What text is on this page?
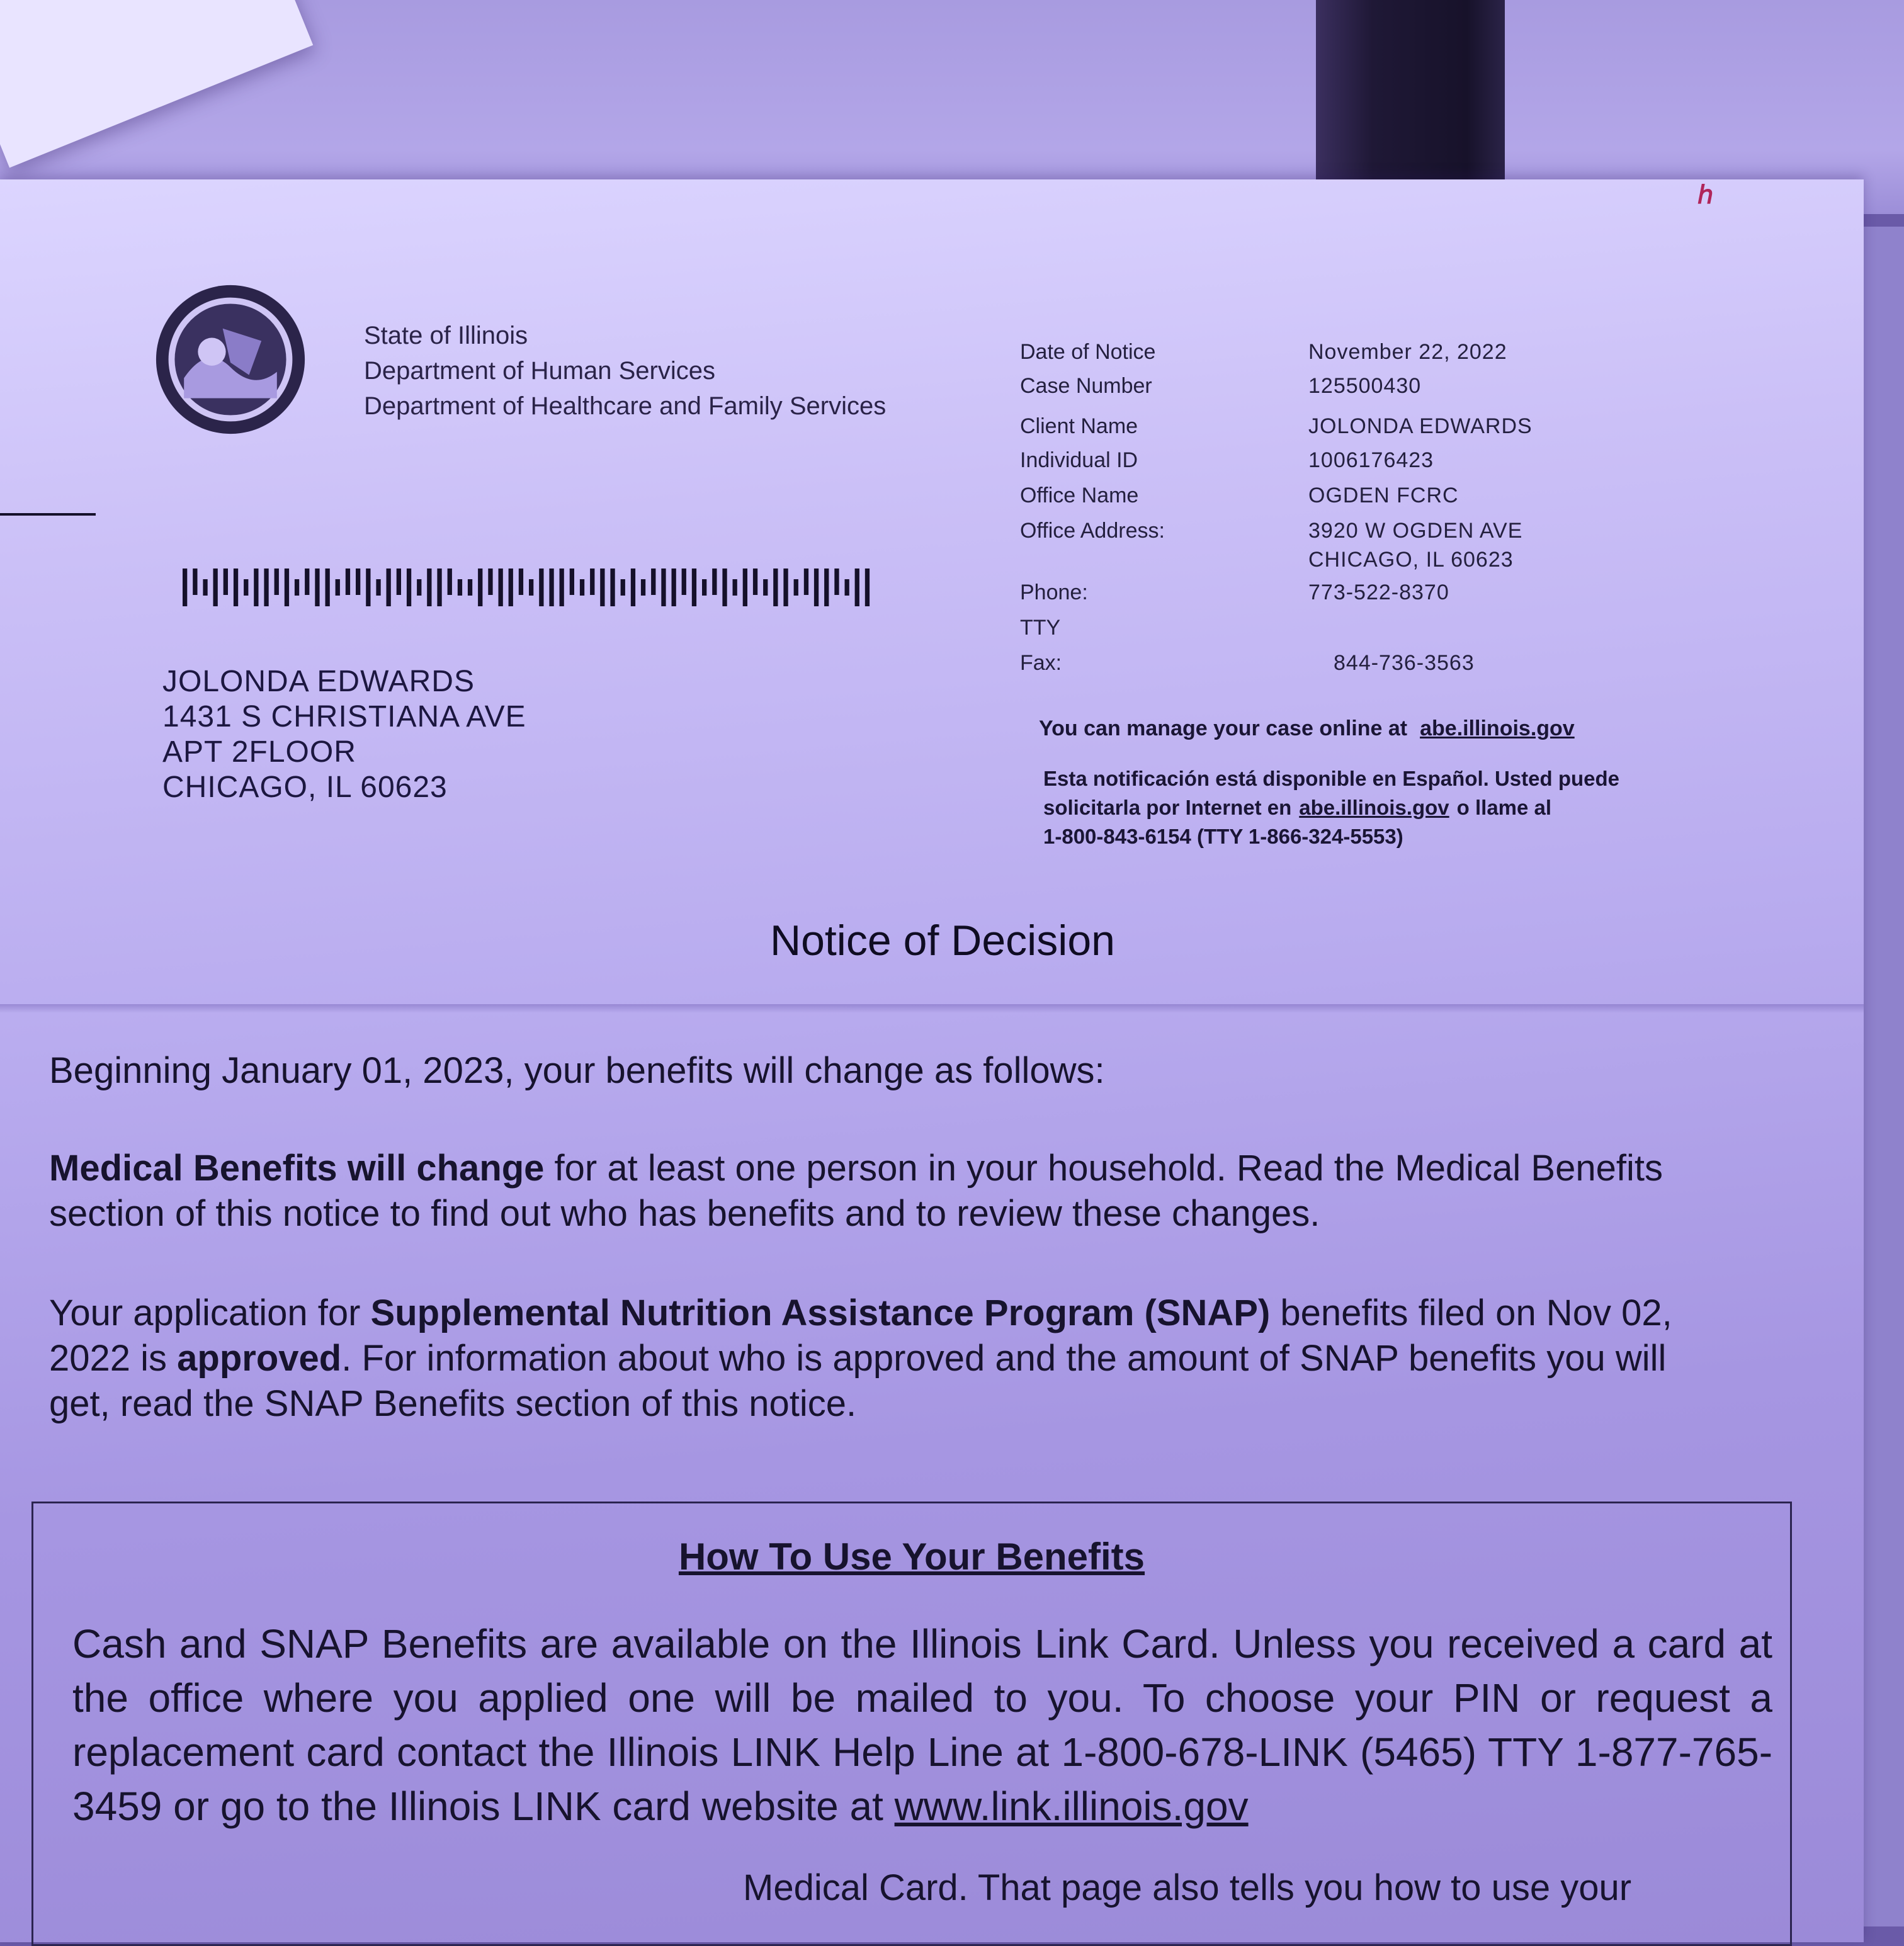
ℎ
State of Illinois
Department of Human Services
Department of Healthcare and Family Services
JOLONDA EDWARDS
1431 S CHRISTIANA AVE
APT 2FLOOR
CHICAGO, IL 60623
Date of Notice	November 22, 2022
Case Number	125500430
Client Name	JOLONDA EDWARDS
Individual ID	1006176423
Office Name	OGDEN FCRC
Office Address:	3920 W OGDEN AVE
CHICAGO, IL 60623
Phone:	773-522-8370
TTY
Fax:	844-736-3563
You can manage your case online at abe.illinois.gov
Esta notificación está disponible en Español. Usted puede
solicitarla por Internet en abe.illinois.gov o llame al
1-800-843-6154 (TTY 1-866-324-5553)
Notice of Decision
Beginning January 01, 2023, your benefits will change as follows:
Medical Benefits will change for at least one person in your household. Read the Medical Benefits section of this notice to find out who has benefits and to review these changes.
Your application for Supplemental Nutrition Assistance Program (SNAP) benefits filed on Nov 02, 2022 is approved. For information about who is approved and the amount of SNAP benefits you will get, read the SNAP Benefits section of this notice.
How To Use Your Benefits
Cash and SNAP Benefits are available on the Illinois Link Card. Unless you received a card at the office where you applied one will be mailed to you. To choose your PIN or request a replacement card contact the Illinois LINK Help Line at 1-800-678-LINK (5465) TTY 1-877-765-3459 or go to the Illinois LINK card website at www.link.illinois.gov
Medical Card. That page also tells you how to use your
